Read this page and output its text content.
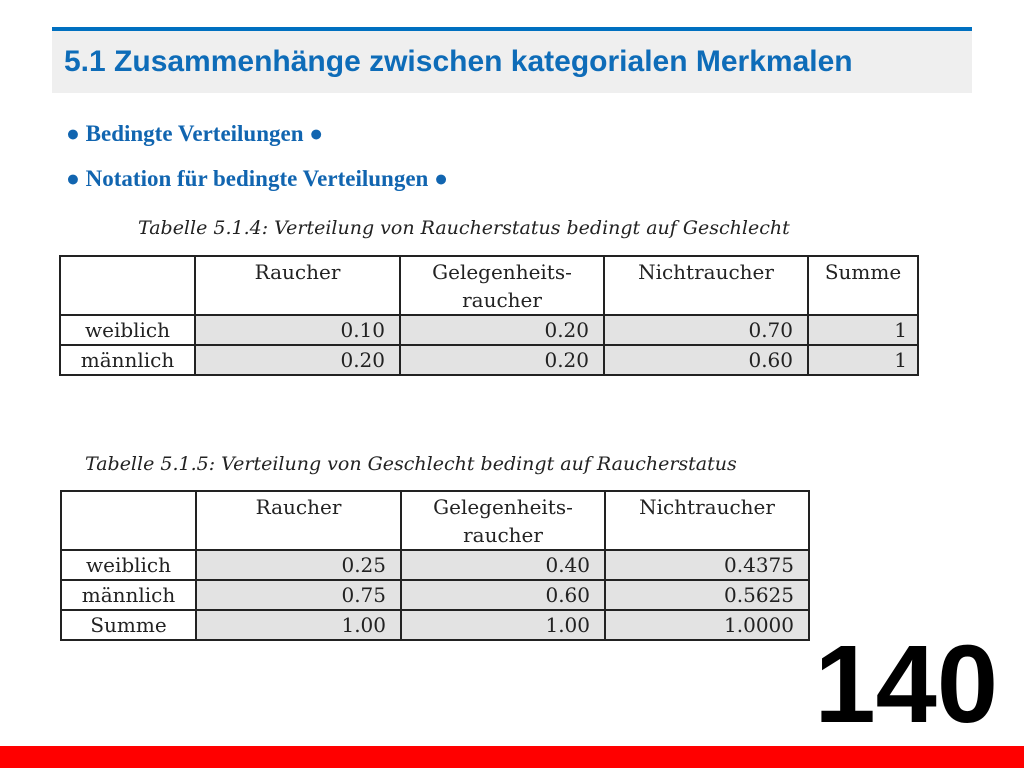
5.1 Zusammenhänge zwischen kategorialen Merkmalen
● Bedingte Verteilungen ●
● Notation für bedingte Verteilungen ●
Tabelle 5.1.4: Verteilung von Raucherstatus bedingt auf Geschlecht
	Raucher	Gelegenheits-
raucher	Nichtraucher	Summe
weiblich	0.10	0.20	0.70	1
männlich	0.20	0.20	0.60	1
Tabelle 5.1.5: Verteilung von Geschlecht bedingt auf Raucherstatus
	Raucher	Gelegenheits-
raucher	Nichtraucher
weiblich	0.25	0.40	0.4375
männlich	0.75	0.60	0.5625
Summe	1.00	1.00	1.0000 140
